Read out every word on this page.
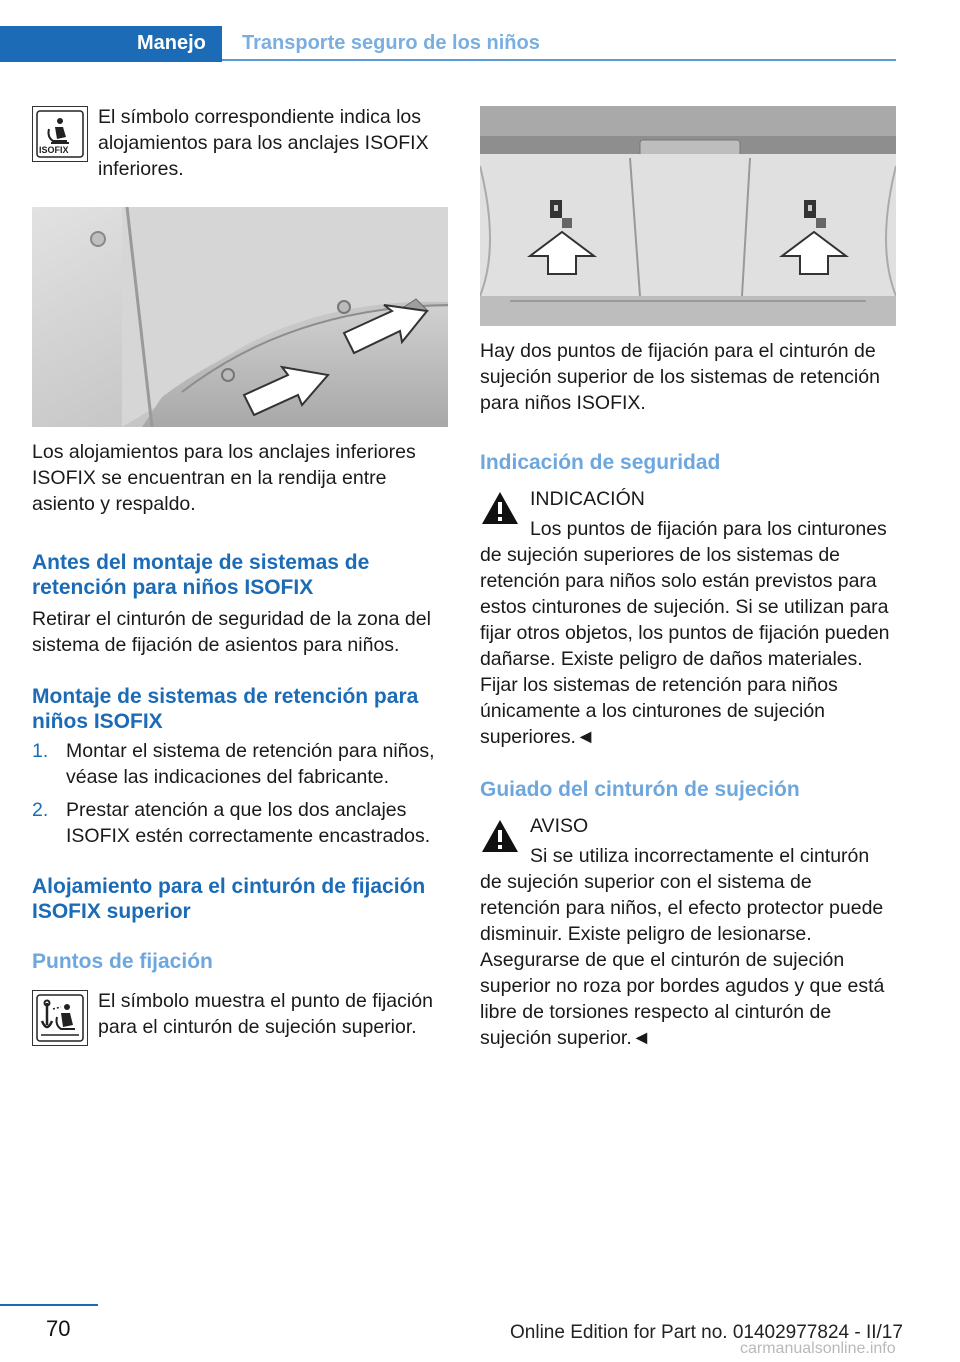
Manejo Transporte seguro de los niños
ISOFIX

El símbolo correspondiente indica los alojamientos para los anclajes ISOFIX inferiores.

Los alojamientos para los anclajes inferiores ISOFIX se encuentran en la rendija entre asiento y respaldo.

Antes del montaje de sistemas de retención para niños ISOFIX

Retirar el cinturón de seguridad de la zona del sistema de fijación de asientos para niños.

Montaje de sistemas de retención para niños ISOFIX
1. Montar el sistema de retención para niños, véase las indicaciones del fabricante.
2. Prestar atención a que los dos anclajes ISOFIX estén correctamente encastrados.
Alojamiento para el cinturón de fijación ISOFIX superior
Puntos de fijación

El símbolo muestra el punto de fijación para el cinturón de sujeción superior.

Hay dos puntos de fijación para el cinturón de sujeción superior de los sistemas de retención para niños ISOFIX.

Indicación de seguridad

INDICACIÓN

Los puntos de fijación para los cinturones de sujeción superiores de los sistemas de retención para niños solo están previstos para estos cinturones de sujeción. Si se utilizan para fijar otros objetos, los puntos de fijación pueden dañarse. Existe peligro de daños materiales. Fijar los sistemas de retención para niños únicamente a los cinturones de sujeción superiores.◄
Guiado del cinturón de sujeción

AVISO

Si se utiliza incorrectamente el cinturón de sujeción superior con el sistema de retención para niños, el efecto protector puede disminuir. Existe peligro de lesionarse. Asegurarse de que el cinturón de sujeción superior no roza por bordes agudos y que está libre de torsiones respecto al cinturón de sujeción superior.◄
70	Online Edition for Part no. 01402977824 - II/17
carmanualsonline.info
